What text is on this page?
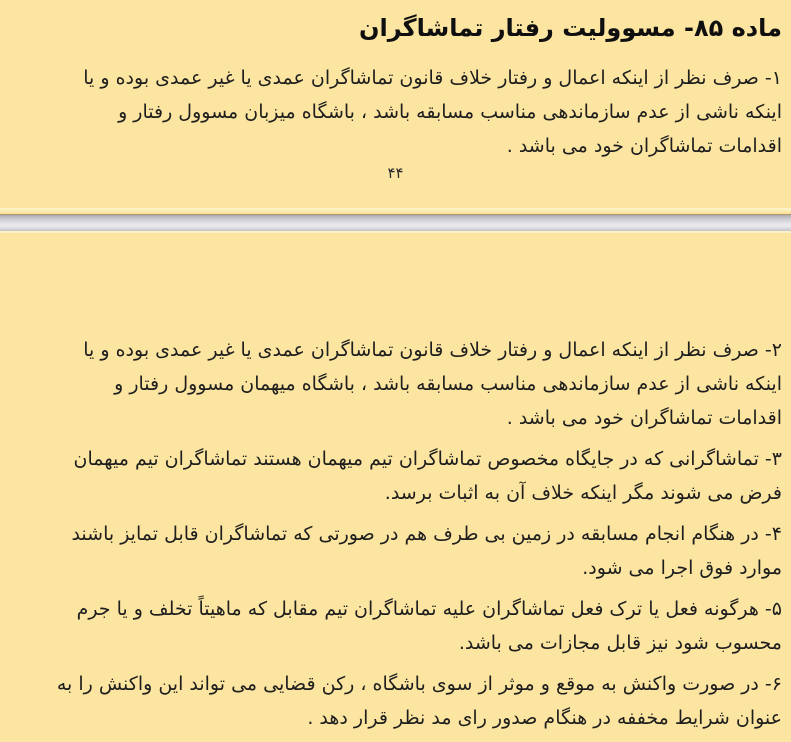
ماده ۸۵- مسوولیت رفتار تماشاگران

۱- صرف نظر از اینکه اعمال و رفتار خلاف قانون تماشاگران عمدی یا غیر عمدی بوده و یا اینکه ناشی از عدم سازماندهی مناسب مسابقه باشد ، باشگاه میزبان مسوول رفتار و اقدامات تماشاگران خود می باشد .

۴۴

۲- صرف نظر از اینکه اعمال و رفتار خلاف قانون تماشاگران عمدی یا غیر عمدی بوده و یا اینکه ناشی از عدم سازماندهی مناسب مسابقه باشد ، باشگاه میهمان مسوول رفتار و اقدامات تماشاگران خود می باشد .

۳- تماشاگرانی که در جایگاه مخصوص تماشاگران تیم میهمان هستند تماشاگران تیم میهمان فرض می شوند مگر اینکه خلاف آن به اثبات برسد.

۴- در هنگام انجام مسابقه در زمین بی طرف هم در صورتی که تماشاگران قابل تمایز باشند موارد فوق اجرا می شود.

۵- هرگونه فعل یا ترک فعل تماشاگران علیه تماشاگران تیم مقابل که ماهیتاً تخلف و یا جرم محسوب شود نیز قابل مجازات می باشد.

۶- در صورت واکنش به موقع و موثر از سوی باشگاه ، رکن قضایی می تواند این واکنش را به عنوان شرایط مخففه در هنگام صدور رای مد نظر قرار دهد .
